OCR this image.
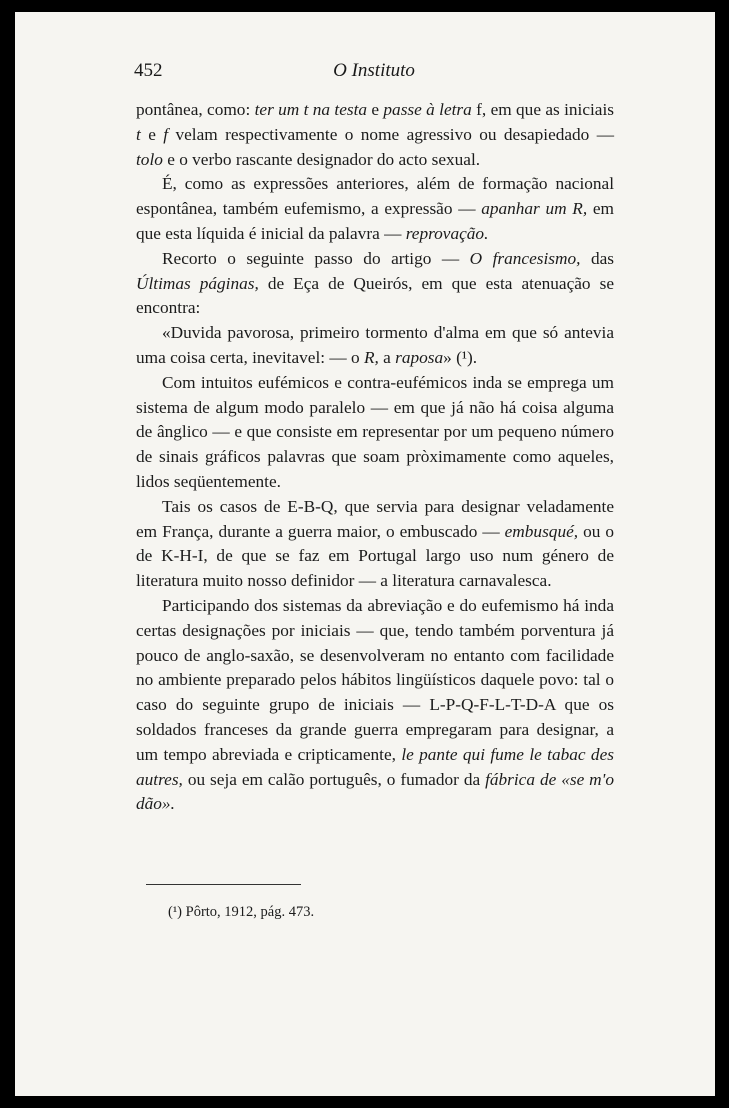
452	O Instituto

pontânea, como: ter um t na testa e passe à letra f, em que as iniciais t e f velam respectivamente o nome agressivo ou desapiedado — tolo e o verbo rascante designador do acto sexual.

É, como as expressões anteriores, além de formação nacional espontânea, também eufemismo, a expressão — apanhar um R, em que esta líquida é inicial da palavra — reprovação.

Recorto o seguinte passo do artigo — O francesismo, das Últimas páginas, de Eça de Queirós, em que esta atenuação se encontra:

«Duvida pavorosa, primeiro tormento d'alma em que só antevia uma coisa certa, inevitavel: — o R, a raposa» (¹).

Com intuitos eufémicos e contra-eufémicos inda se emprega um sistema de algum modo paralelo — em que já não há coisa alguma de ânglico — e que consiste em representar por um pequeno número de sinais gráficos palavras que soam pròximamente como aqueles, lidos seqüentemente.

Tais os casos de E-B-Q, que servia para designar veladamente em França, durante a guerra maior, o embuscado — embusqué, ou o de K-H-I, de que se faz em Portugal largo uso num género de literatura muito nosso definidor — a literatura carnavalesca.

Participando dos sistemas da abreviação e do eufemismo há inda certas designações por iniciais — que, tendo também porventura já pouco de anglo-saxão, se desenvolveram no entanto com facilidade no ambiente preparado pelos hábitos lingüísticos daquele povo: tal o caso do seguinte grupo de iniciais — L-P-Q-F-L-T-D-A que os soldados franceses da grande guerra empregaram para designar, a um tempo abreviada e cripticamente, le pante qui fume le tabac des autres, ou seja em calão português, o fumador da fábrica de «se m'o dão».

(¹) Pôrto, 1912, pág. 473.
